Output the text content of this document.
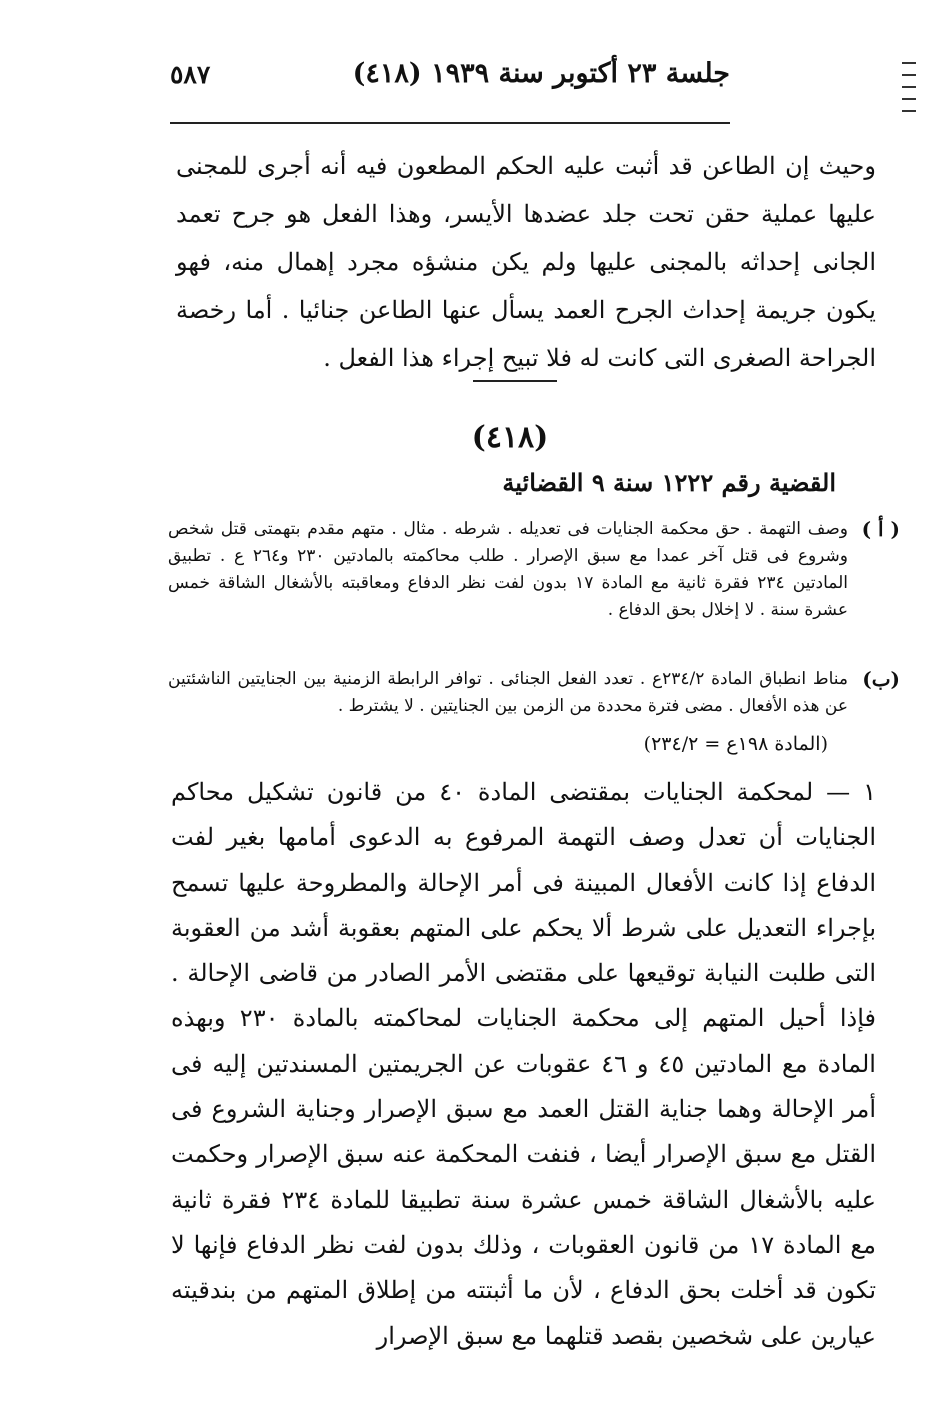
جلسة ٢٣ أكتوبر سنة ١٩٣٩ (٤١٨)
٥٨٧

وحيث إن الطاعن قد أثبت عليه الحكم المطعون فيه أنه أجرى للمجنى عليها عملية حقن تحت جلد عضدها الأيسر، وهذا الفعل هو جرح تعمد الجانى إحداثه بالمجنى عليها ولم يكن منشؤه مجرد إهمال منه، فهو يكون جريمة إحداث الجرح العمد يسأل عنها الطاعن جنائيا . أما رخصة الجراحة الصغرى التى كانت له فلا تبيح إجراء هذا الفعل .

(٤١٨)
القضية رقم ١٢٢٢ سنة ٩ القضائية
( أ )
وصف التهمة . حق محكمة الجنايات فى تعديله . شرطه . مثال . متهم مقدم بتهمتى قتل شخص وشروع فى قتل آخر عمدا مع سبق الإصرار . طلب محاكمته بالمادتين ٢٣٠ و٢٦٤ ع . تطبيق المادتين ٢٣٤ فقرة ثانية مع المادة ١٧ بدون لفت نظر الدفاع ومعاقبته بالأشغال الشاقة خمس عشرة سنة . لا إخلال بحق الدفاع .
(ب)
مناط انطباق المادة ٢٣٤/٢ع . تعدد الفعل الجنائى . توافر الرابطة الزمنية بين الجنايتين الناشئتين عن هذه الأفعال . مضى فترة محددة من الزمن بين الجنايتين . لا يشترط .
(المادة ١٩٨ع = ٢٣٤/٢)

١ — لمحكمة الجنايات بمقتضى المادة ٤٠ من قانون تشكيل محاكم الجنايات أن تعدل وصف التهمة المرفوع به الدعوى أمامها بغير لفت الدفاع إذا كانت الأفعال المبينة فى أمر الإحالة والمطروحة عليها تسمح بإجراء التعديل على شرط ألا يحكم على المتهم بعقوبة أشد من العقوبة التى طلبت النيابة توقيعها على مقتضى الأمر الصادر من قاضى الإحالة . فإذا أحيل المتهم إلى محكمة الجنايات لمحاكمته بالمادة ٢٣٠ وبهذه المادة مع المادتين ٤٥ و ٤٦ عقوبات عن الجريمتين المسندتين إليه فى أمر الإحالة وهما جناية القتل العمد مع سبق الإصرار وجناية الشروع فى القتل مع سبق الإصرار أيضا ، فنفت المحكمة عنه سبق الإصرار وحكمت عليه بالأشغال الشاقة خمس عشرة سنة تطبيقا للمادة ٢٣٤ فقرة ثانية مع المادة ١٧ من قانون العقوبات ، وذلك بدون لفت نظر الدفاع فإنها لا تكون قد أخلت بحق الدفاع ، لأن ما أثبتته من إطلاق المتهم من بندقيته عيارين على شخصين بقصد قتلهما مع سبق الإصرار
